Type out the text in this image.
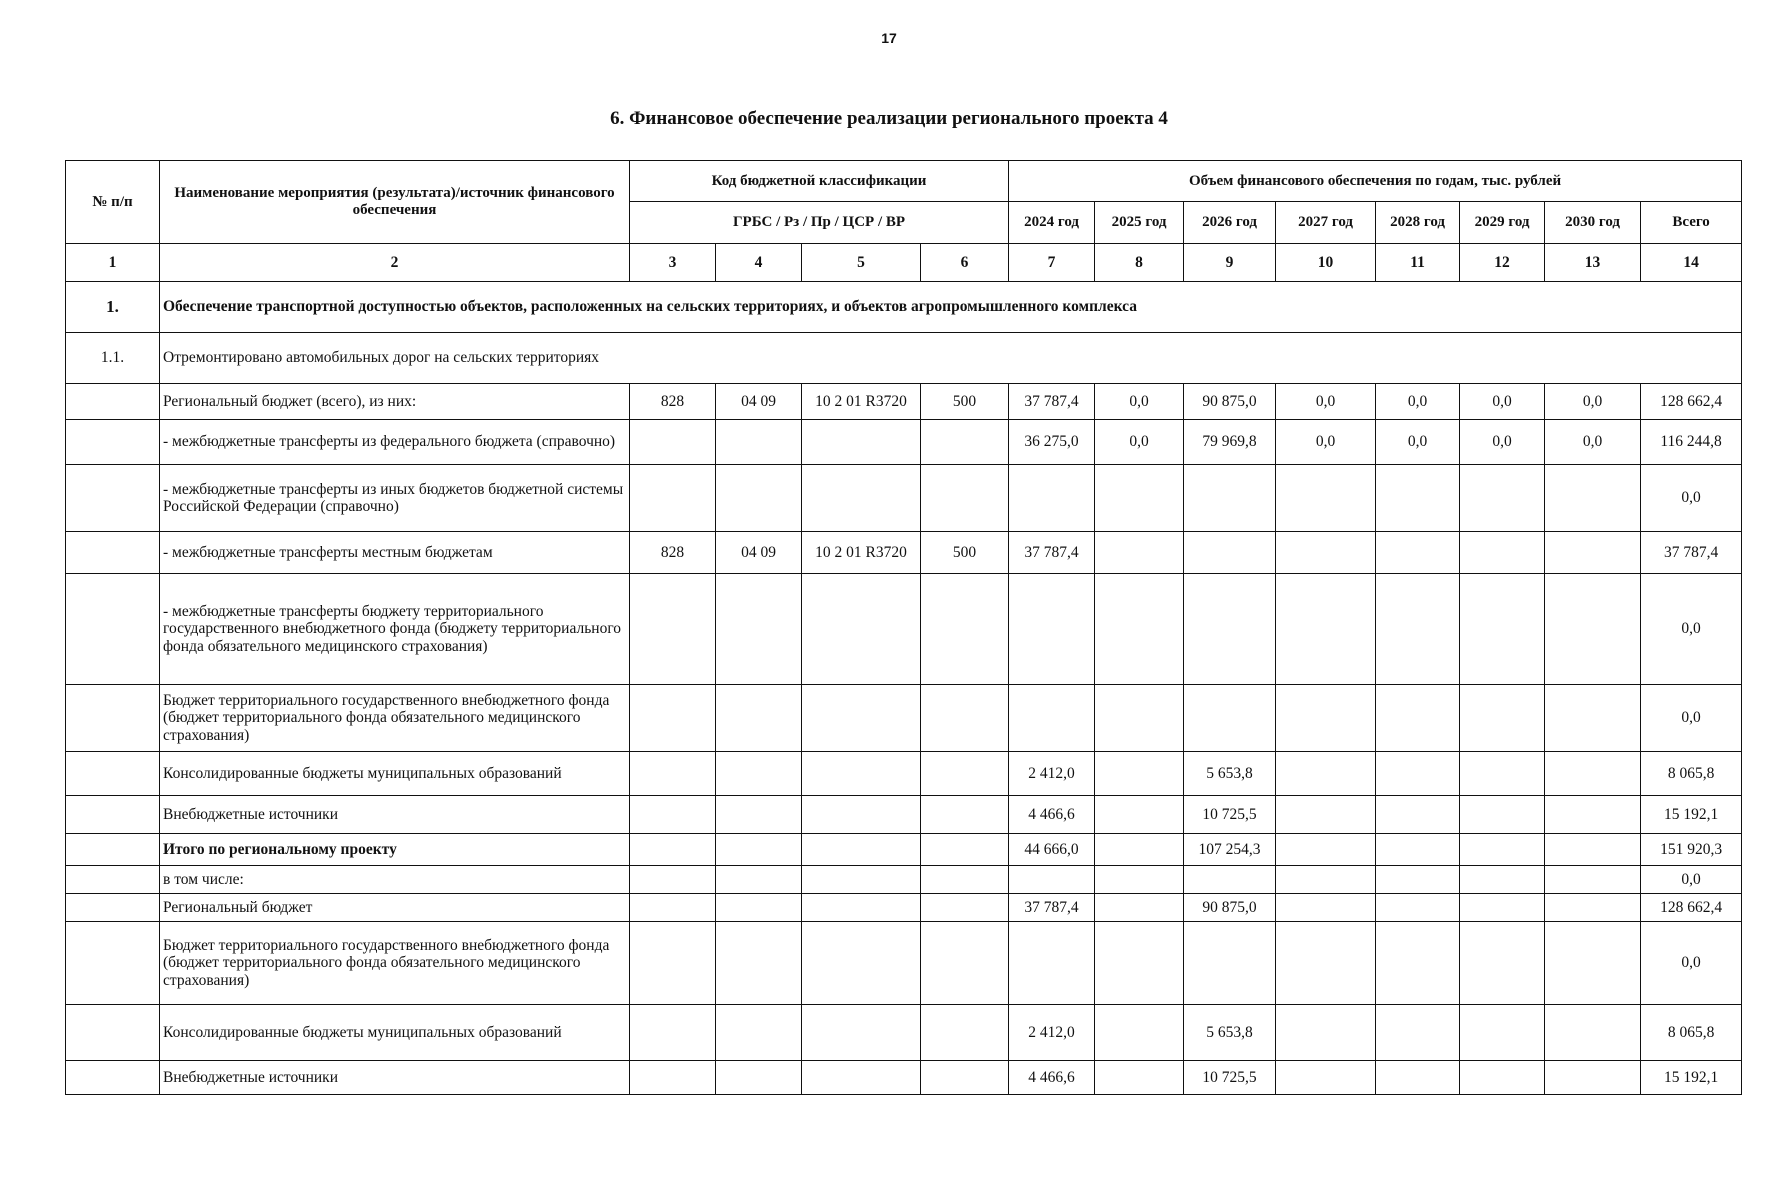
17
6. Финансовое обеспечение реализации регионального проекта 4
№ п/п	Наименование мероприятия (результата)/источник финансового обеспечения	Код бюджетной классификации				Объем финансового обеспечения по годам, тыс. рублей							
		ГРБС / Рз / Пр / ЦСР / ВР				2024 год	2025 год	2026 год	2027 год	2028 год	2029 год	2030 год	Всего
1	2	3	4	5	6	7	8	9	10	11	12	13	14
1.	Обеспечение транспортной доступностью объектов, расположенных на сельских территориях, и объектов агропромышленного комплекса												
1.1.	Отремонтировано автомобильных дорог на сельских территориях												
	Региональный бюджет (всего), из них:	828	04 09	10 2 01 R3720	500	37 787,4	0,0	90 875,0	0,0	0,0	0,0	0,0	128 662,4
	- межбюджетные трансферты из федерального бюджета (справочно)					36 275,0	0,0	79 969,8	0,0	0,0	0,0	0,0	116 244,8
	- межбюджетные трансферты из иных бюджетов бюджетной системы Российской Федерации (справочно)												0,0
	- межбюджетные трансферты местным бюджетам	828	04 09	10 2 01 R3720	500	37 787,4							37 787,4
	- межбюджетные трансферты бюджету территориального государственного внебюджетного фонда (бюджету территориального фонда обязательного медицинского страхования)												0,0
	Бюджет территориального государственного внебюджетного фонда (бюджет территориального фонда обязательного медицинского страхования)												0,0
	Консолидированные бюджеты муниципальных образований					2 412,0		5 653,8					8 065,8
	Внебюджетные источники					4 466,6		10 725,5					15 192,1
	Итого по региональному проекту					44 666,0		107 254,3					151 920,3
	в том числе:												0,0
	Региональный бюджет					37 787,4		90 875,0					128 662,4
	Бюджет территориального государственного внебюджетного фонда (бюджет территориального фонда обязательного медицинского страхования)												0,0
	Консолидированные бюджеты муниципальных образований					2 412,0		5 653,8					8 065,8
	Внебюджетные источники					4 466,6		10 725,5					15 192,1
